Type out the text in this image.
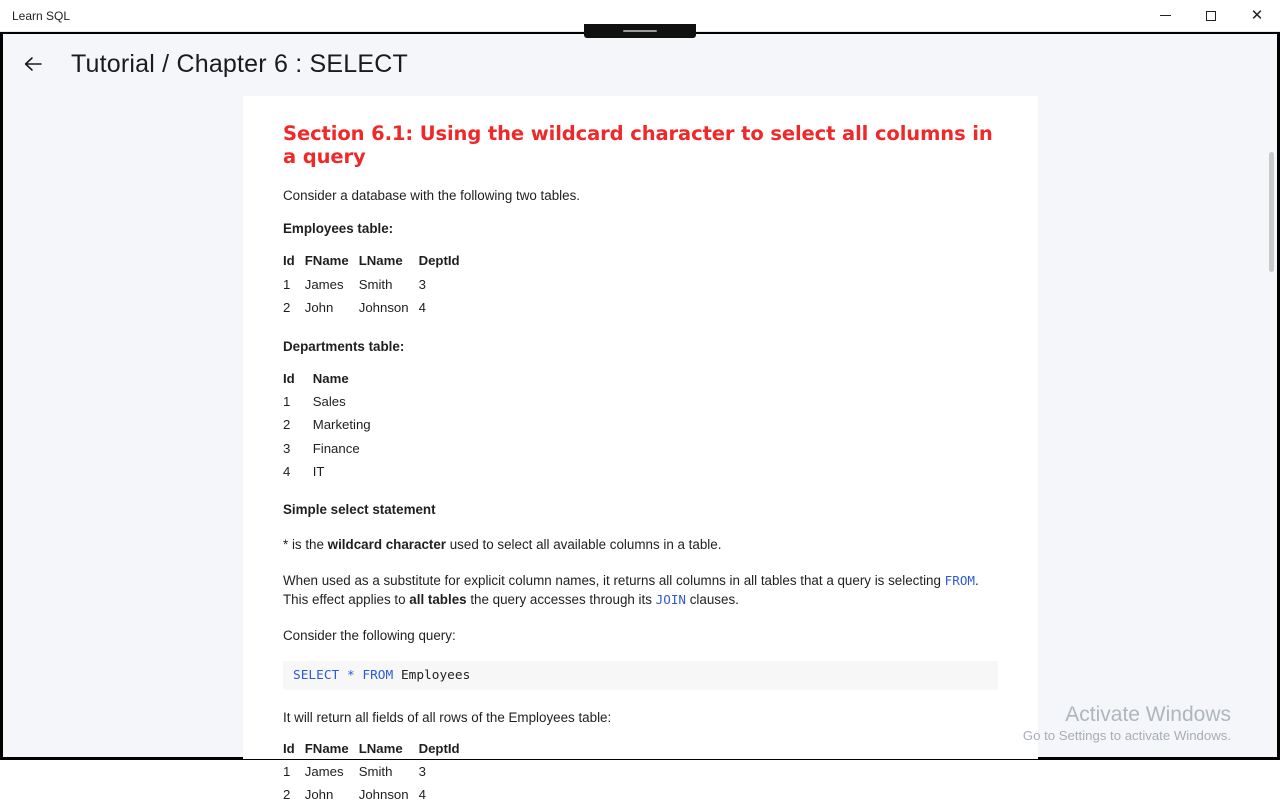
Learn SQL	✕
Tutorial / Chapter 6 : SELECT
Section 6.1: Using the wildcard character to select all columns in a query

Consider a database with the following two tables.

Employees table:

Id	FName	LName	DeptId
1	James	Smith	3
2	John	Johnson	4

Departments table:

Id	Name
1	Sales
2	Marketing
3	Finance
4	IT

Simple select statement

* is the wildcard character used to select all available columns in a table.

When used as a substitute for explicit column names, it returns all columns in all tables that a query is selecting FROM. This effect applies to all tables the query accesses through its JOIN clauses.

Consider the following query:

SELECT * FROM Employees

It will return all fields of all rows of the Employees table:

Id	FName	LName	DeptId
1	James	Smith	3
2	John	Johnson	4
Activate Windows
Go to Settings to activate Windows.
